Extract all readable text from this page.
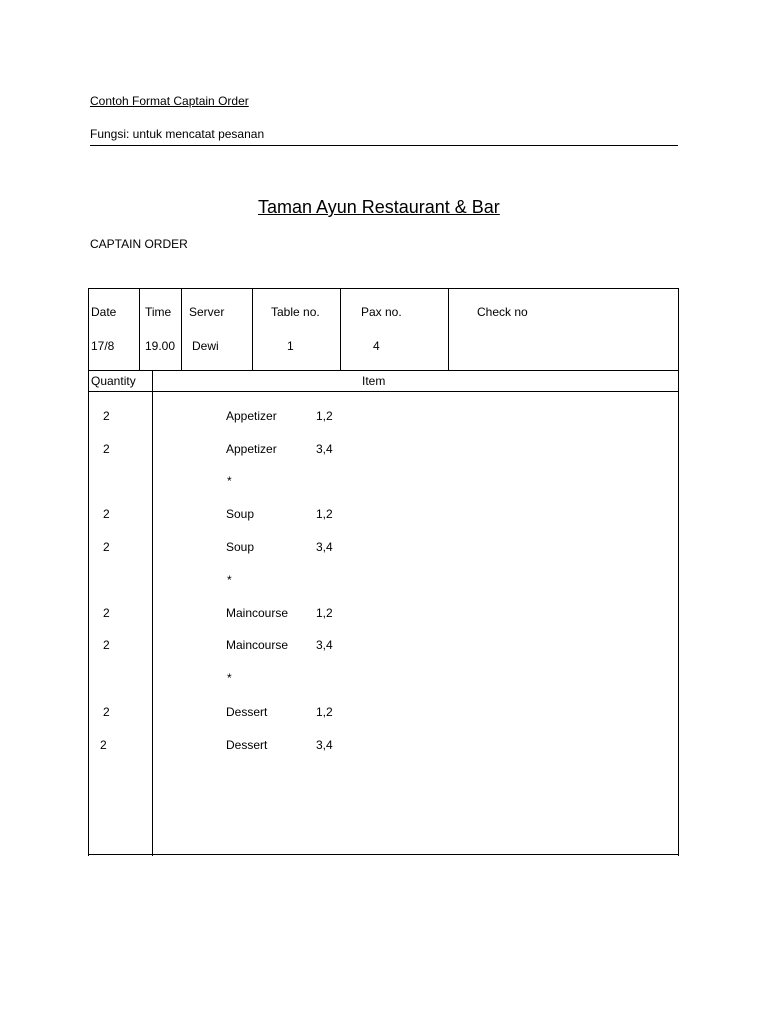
Contoh Format Captain Order
Fungsi: untuk mencatat pesanan
Taman Ayun Restaurant & Bar
CAPTAIN ORDER
Date Time Server	Table no.	Pax no.	Check no
17/8	19.00 Dewi	1	4
Quantity	Item
2	Appetizer	1,2
2	Appetizer	3,4
*
2	Soup	1,2
2	Soup	3,4
*
2	Maincourse 1,2
2	Maincourse 3,4
*
2	Dessert	1,2
2	Dessert	3,4
